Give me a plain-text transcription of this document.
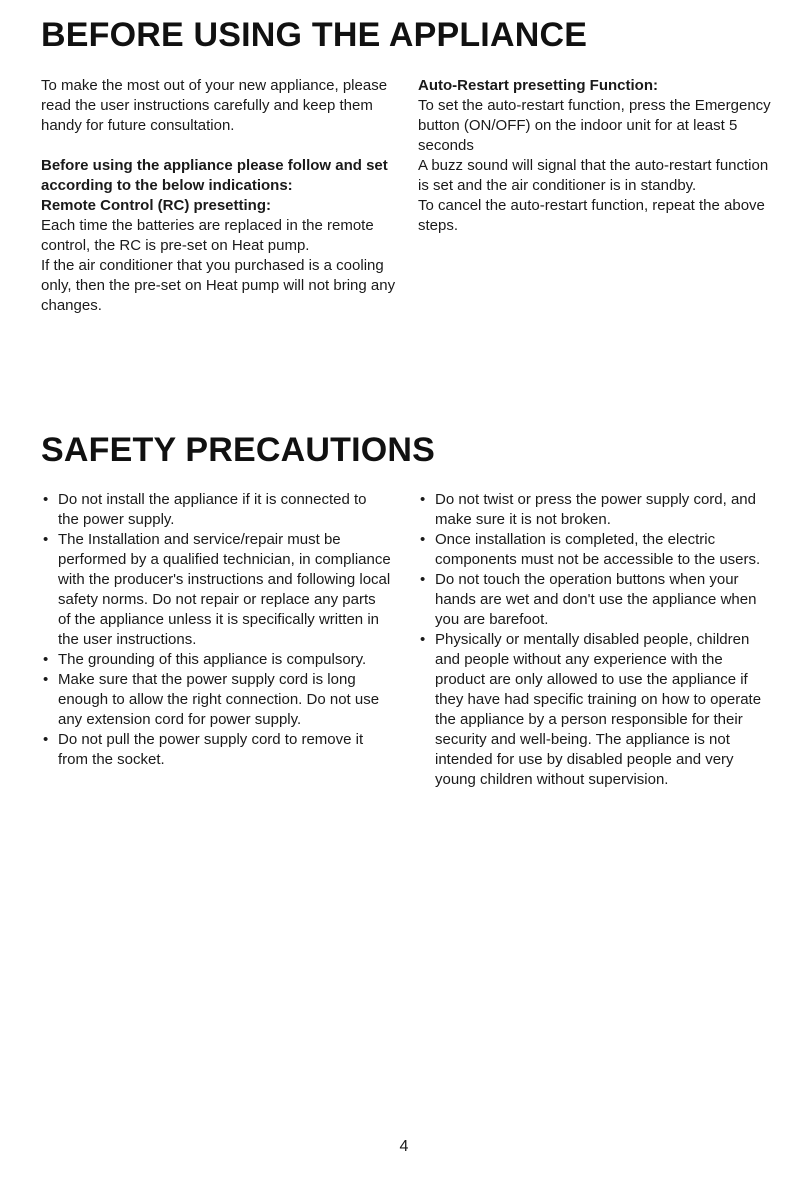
BEFORE USING THE APPLIANCE

To make the most out of your new appliance, please read the user instructions carefully and keep them handy for future consultation.

Before using the appliance please follow and set according to the below indications:

Remote Control (RC) presetting:

Each time the batteries are replaced in the remote control, the RC is pre-set on Heat pump.

If the air conditioner that you purchased is a cooling only, then the pre-set on Heat pump will not bring any changes.

Auto-Restart presetting Function:

To set the auto-restart function, press the Emergency button (ON/OFF) on the indoor unit for at least 5 seconds

A buzz sound will signal that the auto-restart function is set and the air conditioner is in standby.

To cancel the auto-restart function, repeat the above steps.

SAFETY PRECAUTIONS
• Do not install the appliance if it is connected to the power supply.
• The Installation and service/repair must be performed by a qualified technician, in compliance with the producer's instructions and following local safety norms. Do not repair or replace any parts of the appliance unless it is specifically written in the user instructions.
• The grounding of this appliance is compulsory.
• Make sure that the power supply cord is long enough to allow the right connection. Do not use any extension cord for power supply.
• Do not pull the power supply cord to remove it from the socket.
• Do not twist or press the power supply cord, and make sure it is not broken.
• Once installation is completed, the electric components must not be accessible to the users.
• Do not touch the operation buttons when your hands are wet and don't use the appliance when you are barefoot.
• Physically or mentally disabled people, children and people without any experience with the product are only allowed to use the appliance if they have had specific training on how to operate the appliance by a person responsible for their security and well-being. The appliance is not intended for use by disabled people and very young children without supervision.
4
